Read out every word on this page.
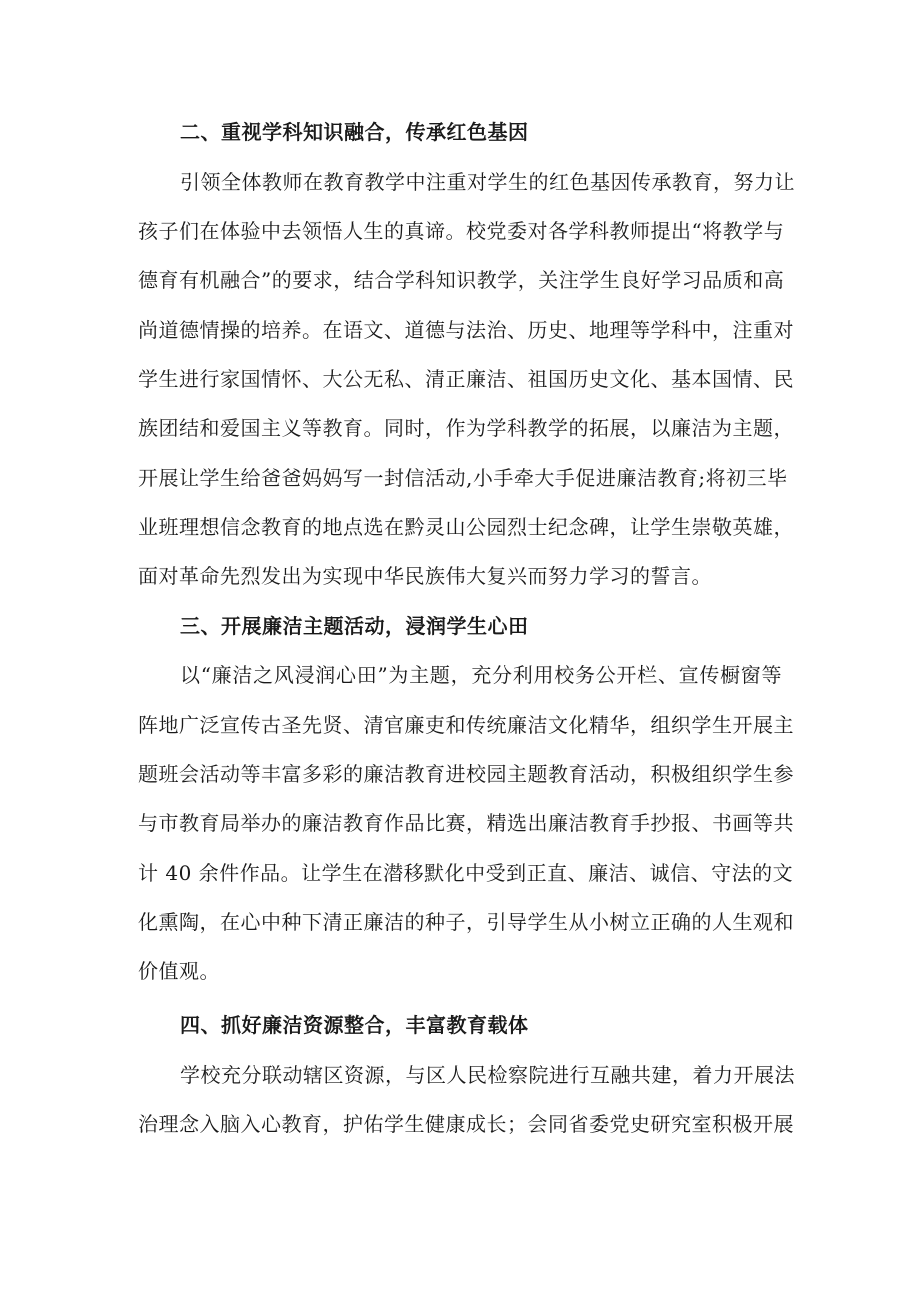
二、重视学科知识融合，传承红色基因
引领全体教师在教育教学中注重对学生的红色基因传承教育，努力让
孩子们在体验中去领悟人生的真谛。校党委对各学科教师提出“将教学与
德育有机融合”的要求，结合学科知识教学，关注学生良好学习品质和高
尚道德情操的培养。在语文、道德与法治、历史、地理等学科中，注重对
学生进行家国情怀、大公无私、清正廉洁、祖国历史文化、基本国情、民
族团结和爱国主义等教育。同时，作为学科教学的拓展，以廉洁为主题，
开展让学生给爸爸妈妈写一封信活动,小手牵大手促进廉洁教育;将初三毕
业班理想信念教育的地点选在黔灵山公园烈士纪念碑，让学生崇敬英雄，
面对革命先烈发出为实现中华民族伟大复兴而努力学习的誓言。
三、开展廉洁主题活动，浸润学生心田
以“廉洁之风浸润心田”为主题，充分利用校务公开栏、宣传橱窗等
阵地广泛宣传古圣先贤、清官廉吏和传统廉洁文化精华，组织学生开展主
题班会活动等丰富多彩的廉洁教育进校园主题教育活动，积极组织学生参
与市教育局举办的廉洁教育作品比赛，精选出廉洁教育手抄报、书画等共
计 40 余件作品。让学生在潜移默化中受到正直、廉洁、诚信、守法的文
化熏陶，在心中种下清正廉洁的种子，引导学生从小树立正确的人生观和
价值观。
四、抓好廉洁资源整合，丰富教育载体
学校充分联动辖区资源，与区人民检察院进行互融共建，着力开展法
治理念入脑入心教育，护佑学生健康成长；会同省委党史研究室积极开展
